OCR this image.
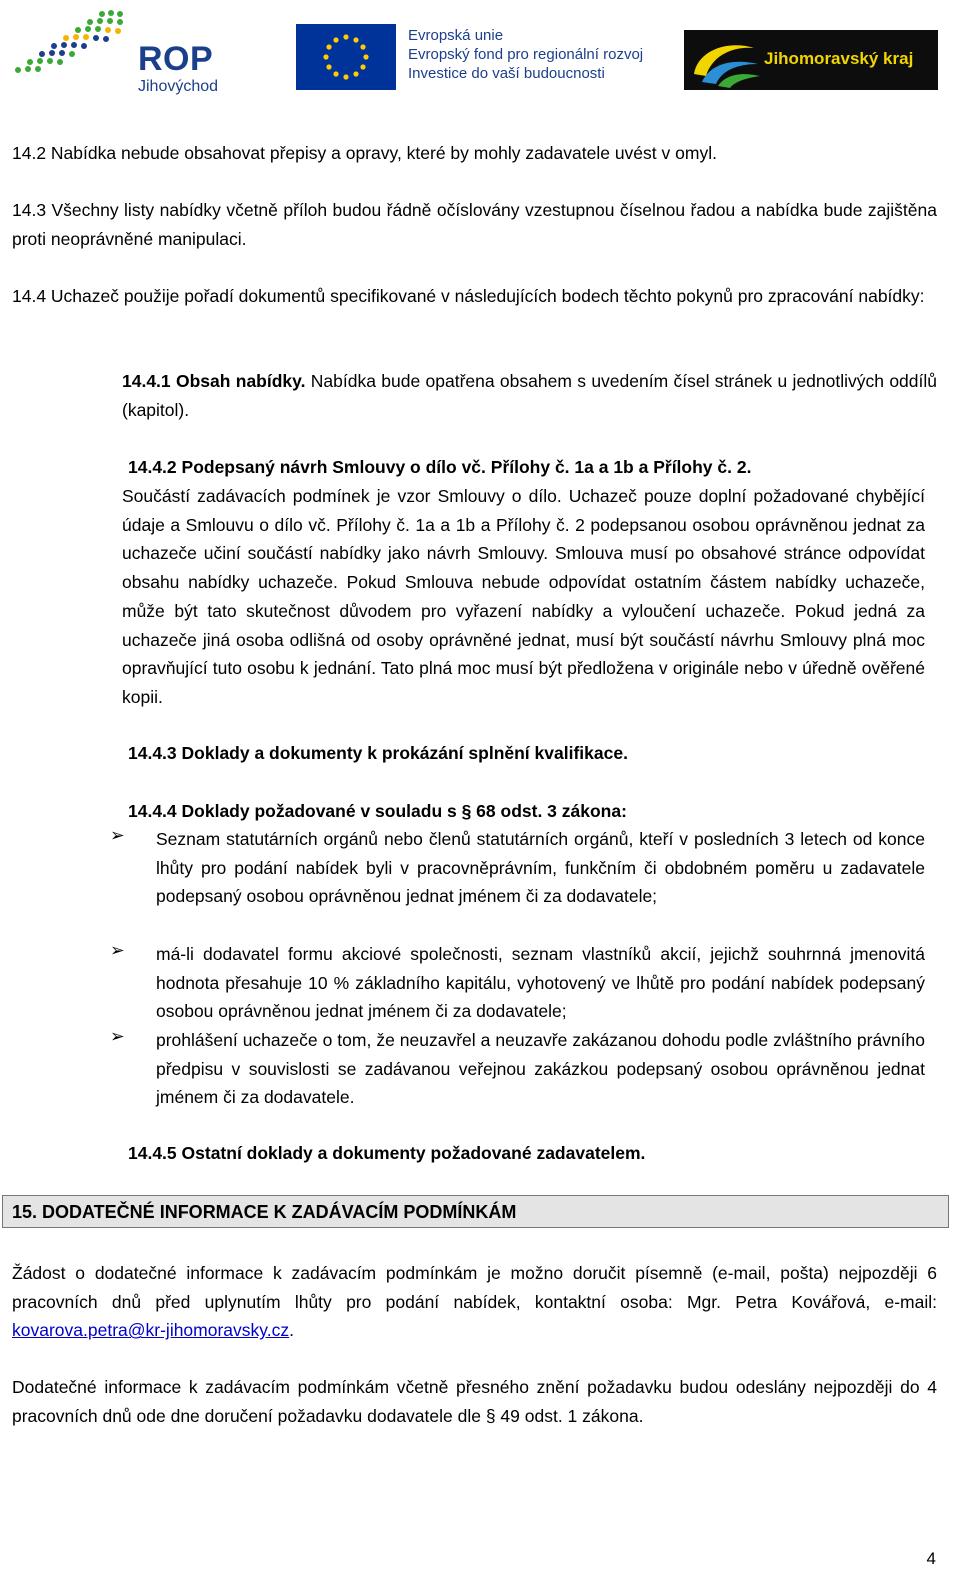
ROP
Jihovýchod
Evropská unie
Evropský fond pro regionální rozvoj
Investice do vaší budoucnosti
Jihomoravský kraj
14.2 Nabídka nebude obsahovat přepisy a opravy, které by mohly zadavatele uvést v omyl.
14.3 Všechny listy nabídky včetně příloh budou řádně očíslovány vzestupnou číselnou řadou a nabídka bude zajištěna proti neoprávněné manipulaci.
14.4 Uchazeč použije pořadí dokumentů specifikované v následujících bodech těchto pokynů pro zpracování nabídky:
14.4.1 Obsah nabídky. Nabídka bude opatřena obsahem s uvedením čísel stránek u jednotlivých oddílů (kapitol).
14.4.2 Podepsaný návrh Smlouvy o dílo vč. Přílohy č. 1a a 1b a Přílohy č. 2.
Součástí zadávacích podmínek je vzor Smlouvy o dílo. Uchazeč pouze doplní požadované chybějící údaje a Smlouvu o dílo vč. Přílohy č. 1a a 1b a Přílohy č. 2 podepsanou osobou oprávněnou jednat za uchazeče učiní součástí nabídky jako návrh Smlouvy. Smlouva musí po obsahové stránce odpovídat obsahu nabídky uchazeče. Pokud Smlouva nebude odpovídat ostatním částem nabídky uchazeče, může být tato skutečnost důvodem pro vyřazení nabídky a vyloučení uchazeče. Pokud jedná za uchazeče jiná osoba odlišná od osoby oprávněné jednat, musí být součástí návrhu Smlouvy plná moc opravňující tuto osobu k jednání. Tato plná moc musí být předložena v originále nebo v úředně ověřené kopii.
14.4.3 Doklady a dokumenty k prokázání splnění kvalifikace.
14.4.4 Doklady požadované v souladu s § 68 odst. 3 zákona:
➢ Seznam statutárních orgánů nebo členů statutárních orgánů, kteří v posledních 3 letech od konce lhůty pro podání nabídek byli v pracovněprávním, funkčním či obdobném poměru u zadavatele podepsaný osobou oprávněnou jednat jménem či za dodavatele;
➢ má-li dodavatel formu akciové společnosti, seznam vlastníků akcií, jejichž souhrnná jmenovitá hodnota přesahuje 10 % základního kapitálu, vyhotovený ve lhůtě pro podání nabídek podepsaný osobou oprávněnou jednat jménem či za dodavatele;
➢ prohlášení uchazeče o tom, že neuzavřel a neuzavře zakázanou dohodu podle zvláštního právního předpisu v souvislosti se zadávanou veřejnou zakázkou podepsaný osobou oprávněnou jednat jménem či za dodavatele.
14.4.5 Ostatní doklady a dokumenty požadované zadavatelem.
15. DODATEČNÉ INFORMACE K ZADÁVACÍM PODMÍNKÁM
Žádost o dodatečné informace k zadávacím podmínkám je možno doručit písemně (e-mail, pošta) nejpozději 6 pracovních dnů před uplynutím lhůty pro podání nabídek, kontaktní osoba: Mgr. Petra Kovářová, e-mail: kovarova.petra@kr-jihomoravsky.cz.
Dodatečné informace k zadávacím podmínkám včetně přesného znění požadavku budou odeslány nejpozději do 4 pracovních dnů ode dne doručení požadavku dodavatele dle § 49 odst. 1 zákona.
4
